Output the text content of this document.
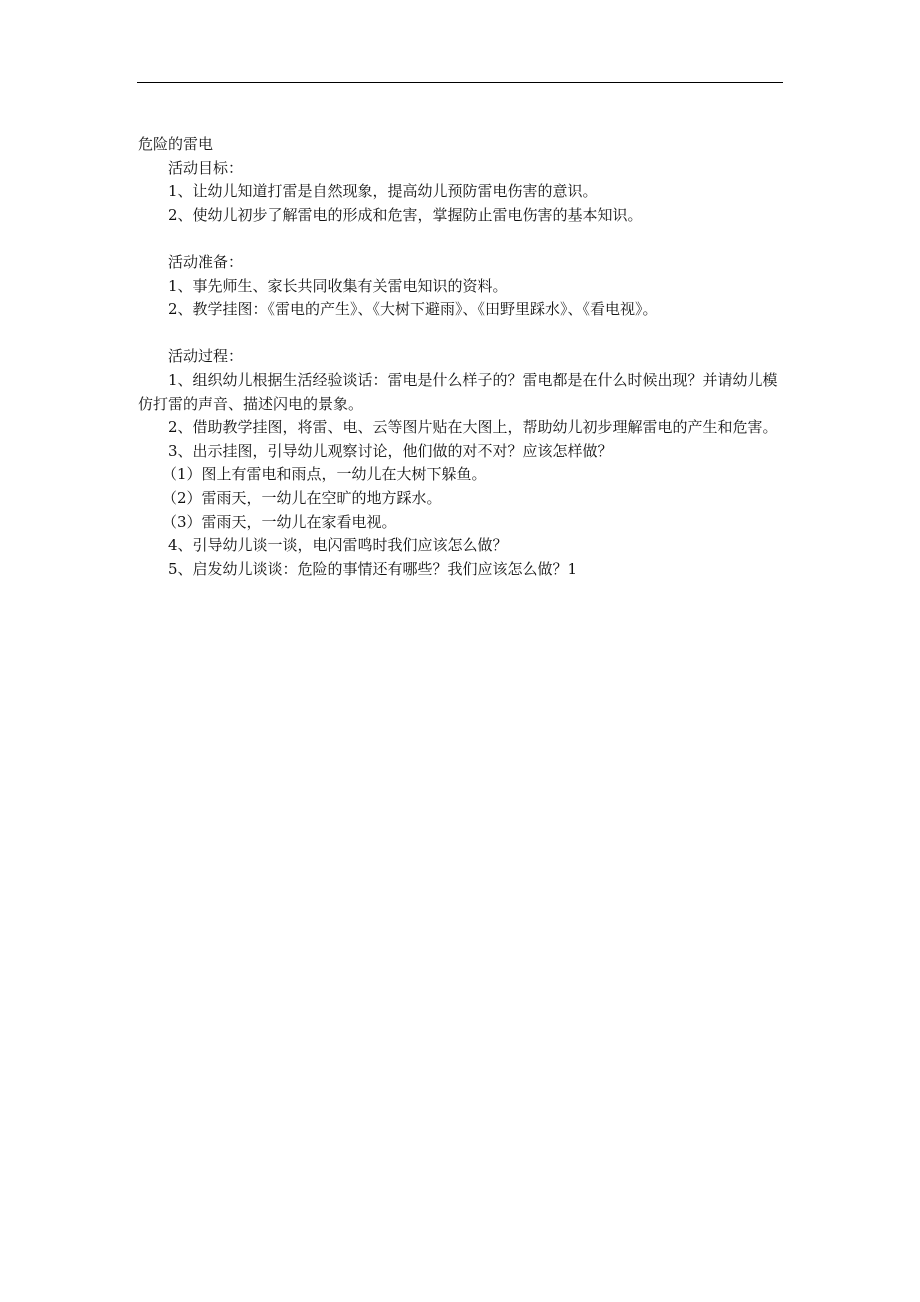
危险的雷电

活动目标：

1、让幼儿知道打雷是自然现象，提高幼儿预防雷电伤害的意识。

2、使幼儿初步了解雷电的形成和危害，掌握防止雷电伤害的基本知识。

活动准备：

1、事先师生、家长共同收集有关雷电知识的资料。

2、教学挂图：《雷电的产生》、《大树下避雨》、《田野里踩水》、《看电视》。

活动过程：

1、组织幼儿根据生活经验谈话：雷电是什么样子的？雷电都是在什么时候出现？并请幼儿模仿打雷的声音、描述闪电的景象。

2、借助教学挂图，将雷、电、云等图片贴在大图上，帮助幼儿初步理解雷电的产生和危害。

3、出示挂图，引导幼儿观察讨论，他们做的对不对？应该怎样做？

（1）图上有雷电和雨点，一幼儿在大树下躲鱼。

（2）雷雨天，一幼儿在空旷的地方踩水。

（3）雷雨天，一幼儿在家看电视。

4、引导幼儿谈一谈，电闪雷鸣时我们应该怎么做？

5、启发幼儿谈谈：危险的事情还有哪些？我们应该怎么做？1
